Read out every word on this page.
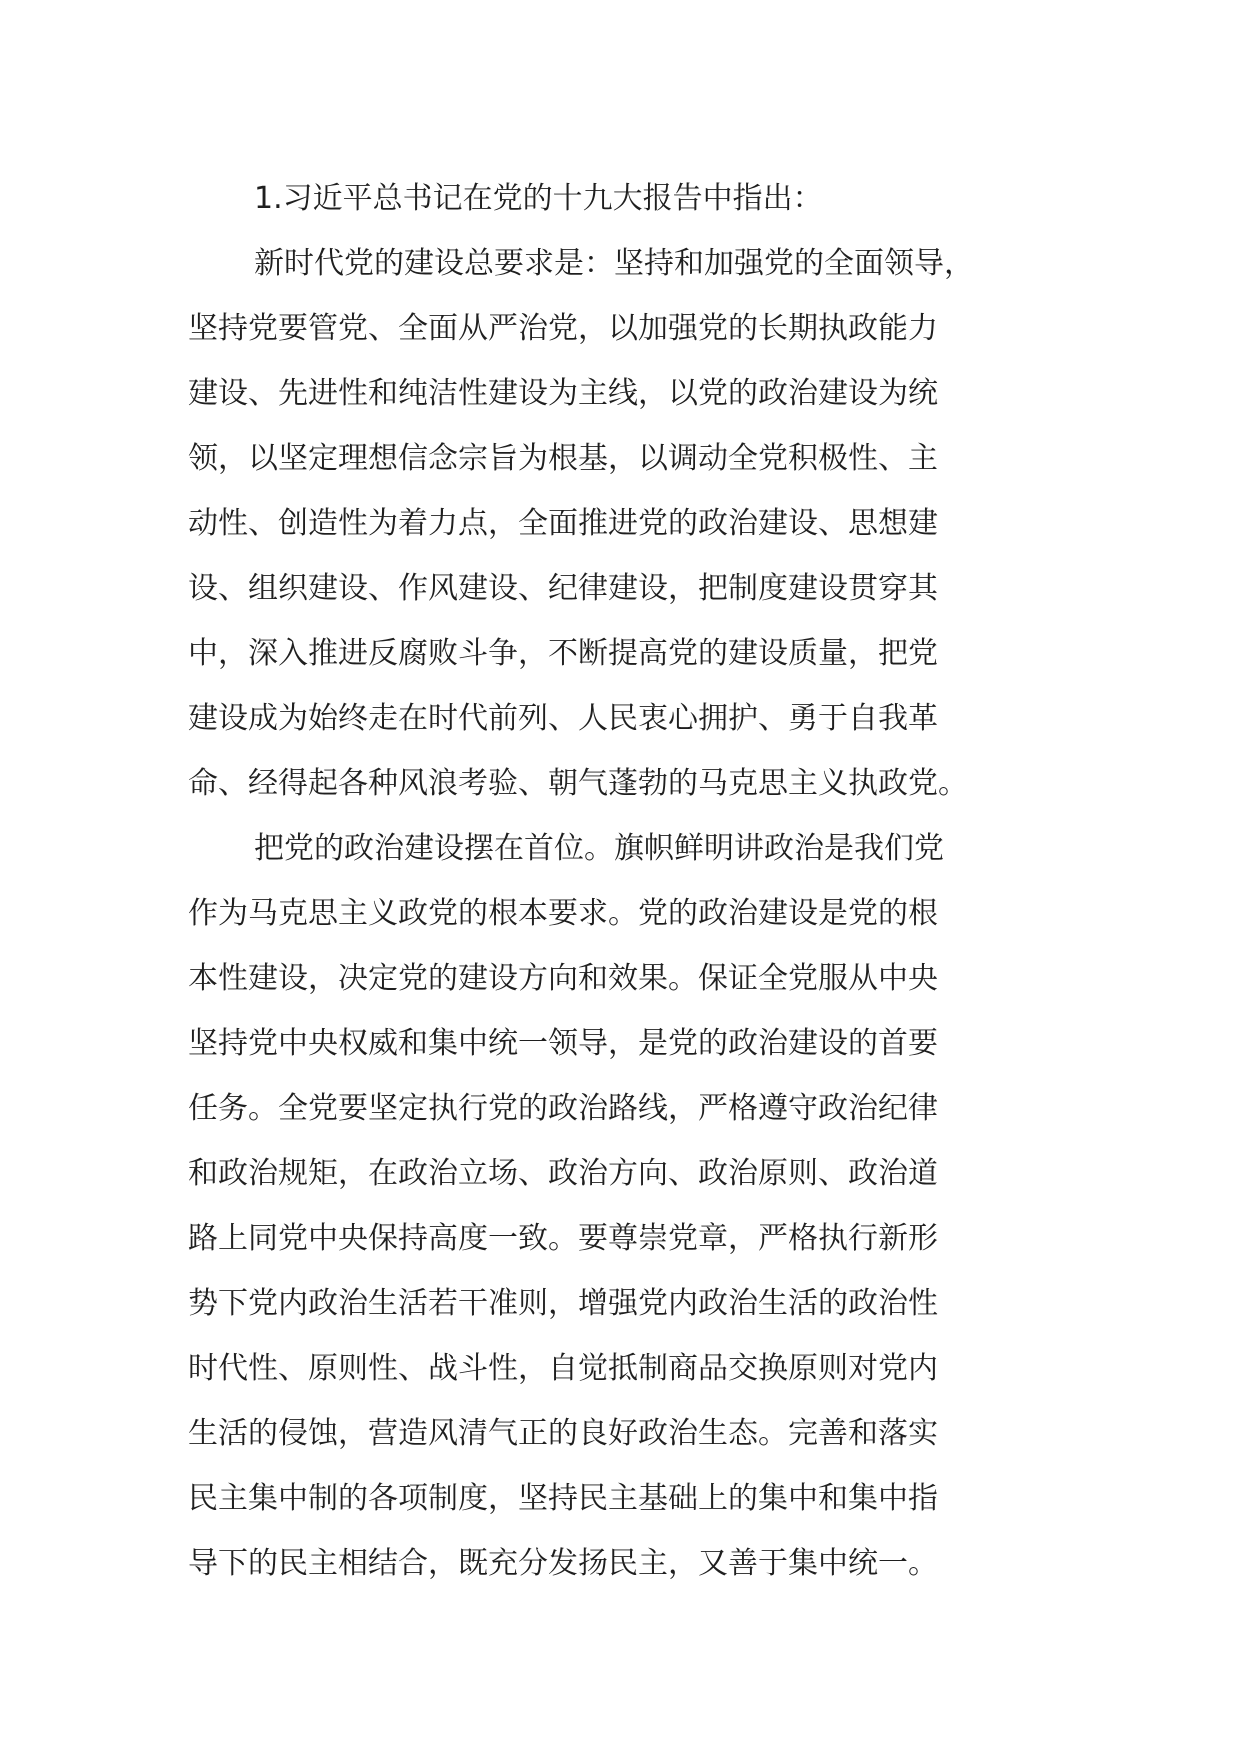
1.习近平总书记在党的十九大报告中指出：
新时代党的建设总要求是：坚持和加强党的全面领导，
坚持党要管党、全面从严治党，以加强党的长期执政能力
建设、先进性和纯洁性建设为主线，以党的政治建设为统
领，以坚定理想信念宗旨为根基，以调动全党积极性、主
动性、创造性为着力点，全面推进党的政治建设、思想建
设、组织建设、作风建设、纪律建设，把制度建设贯穿其
中，深入推进反腐败斗争，不断提高党的建设质量，把党
建设成为始终走在时代前列、人民衷心拥护、勇于自我革
命、经得起各种风浪考验、朝气蓬勃的马克思主义执政党。
把党的政治建设摆在首位。旗帜鲜明讲政治是我们党
作为马克思主义政党的根本要求。党的政治建设是党的根
本性建设，决定党的建设方向和效果。保证全党服从中央
坚持党中央权威和集中统一领导，是党的政治建设的首要
任务。全党要坚定执行党的政治路线，严格遵守政治纪律
和政治规矩，在政治立场、政治方向、政治原则、政治道
路上同党中央保持高度一致。要尊崇党章，严格执行新形
势下党内政治生活若干准则，增强党内政治生活的政治性
时代性、原则性、战斗性，自觉抵制商品交换原则对党内
生活的侵蚀，营造风清气正的良好政治生态。完善和落实
民主集中制的各项制度，坚持民主基础上的集中和集中指
导下的民主相结合，既充分发扬民主，又善于集中统一。
